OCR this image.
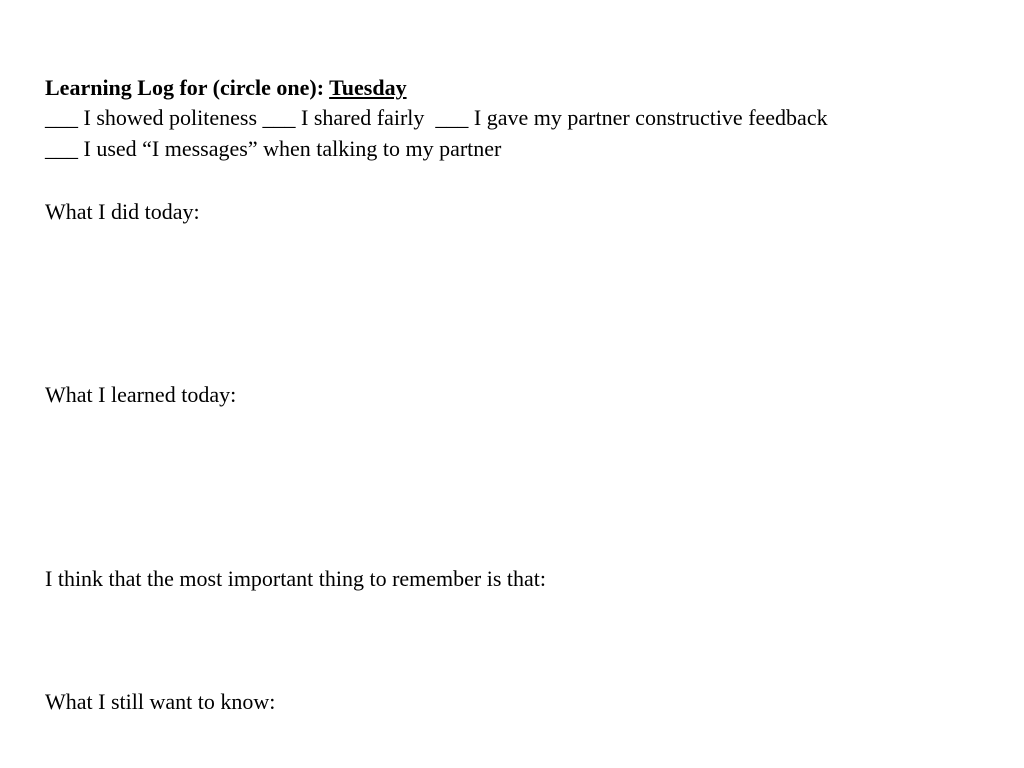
Learning Log for (circle one): Tuesday
___ I showed politeness ___ I shared fairly  ___ I gave my partner constructive feedback
___ I used “I messages” when talking to my partner
What I did today:
What I learned today:
I think that the most important thing to remember is that:
What I still want to know:
